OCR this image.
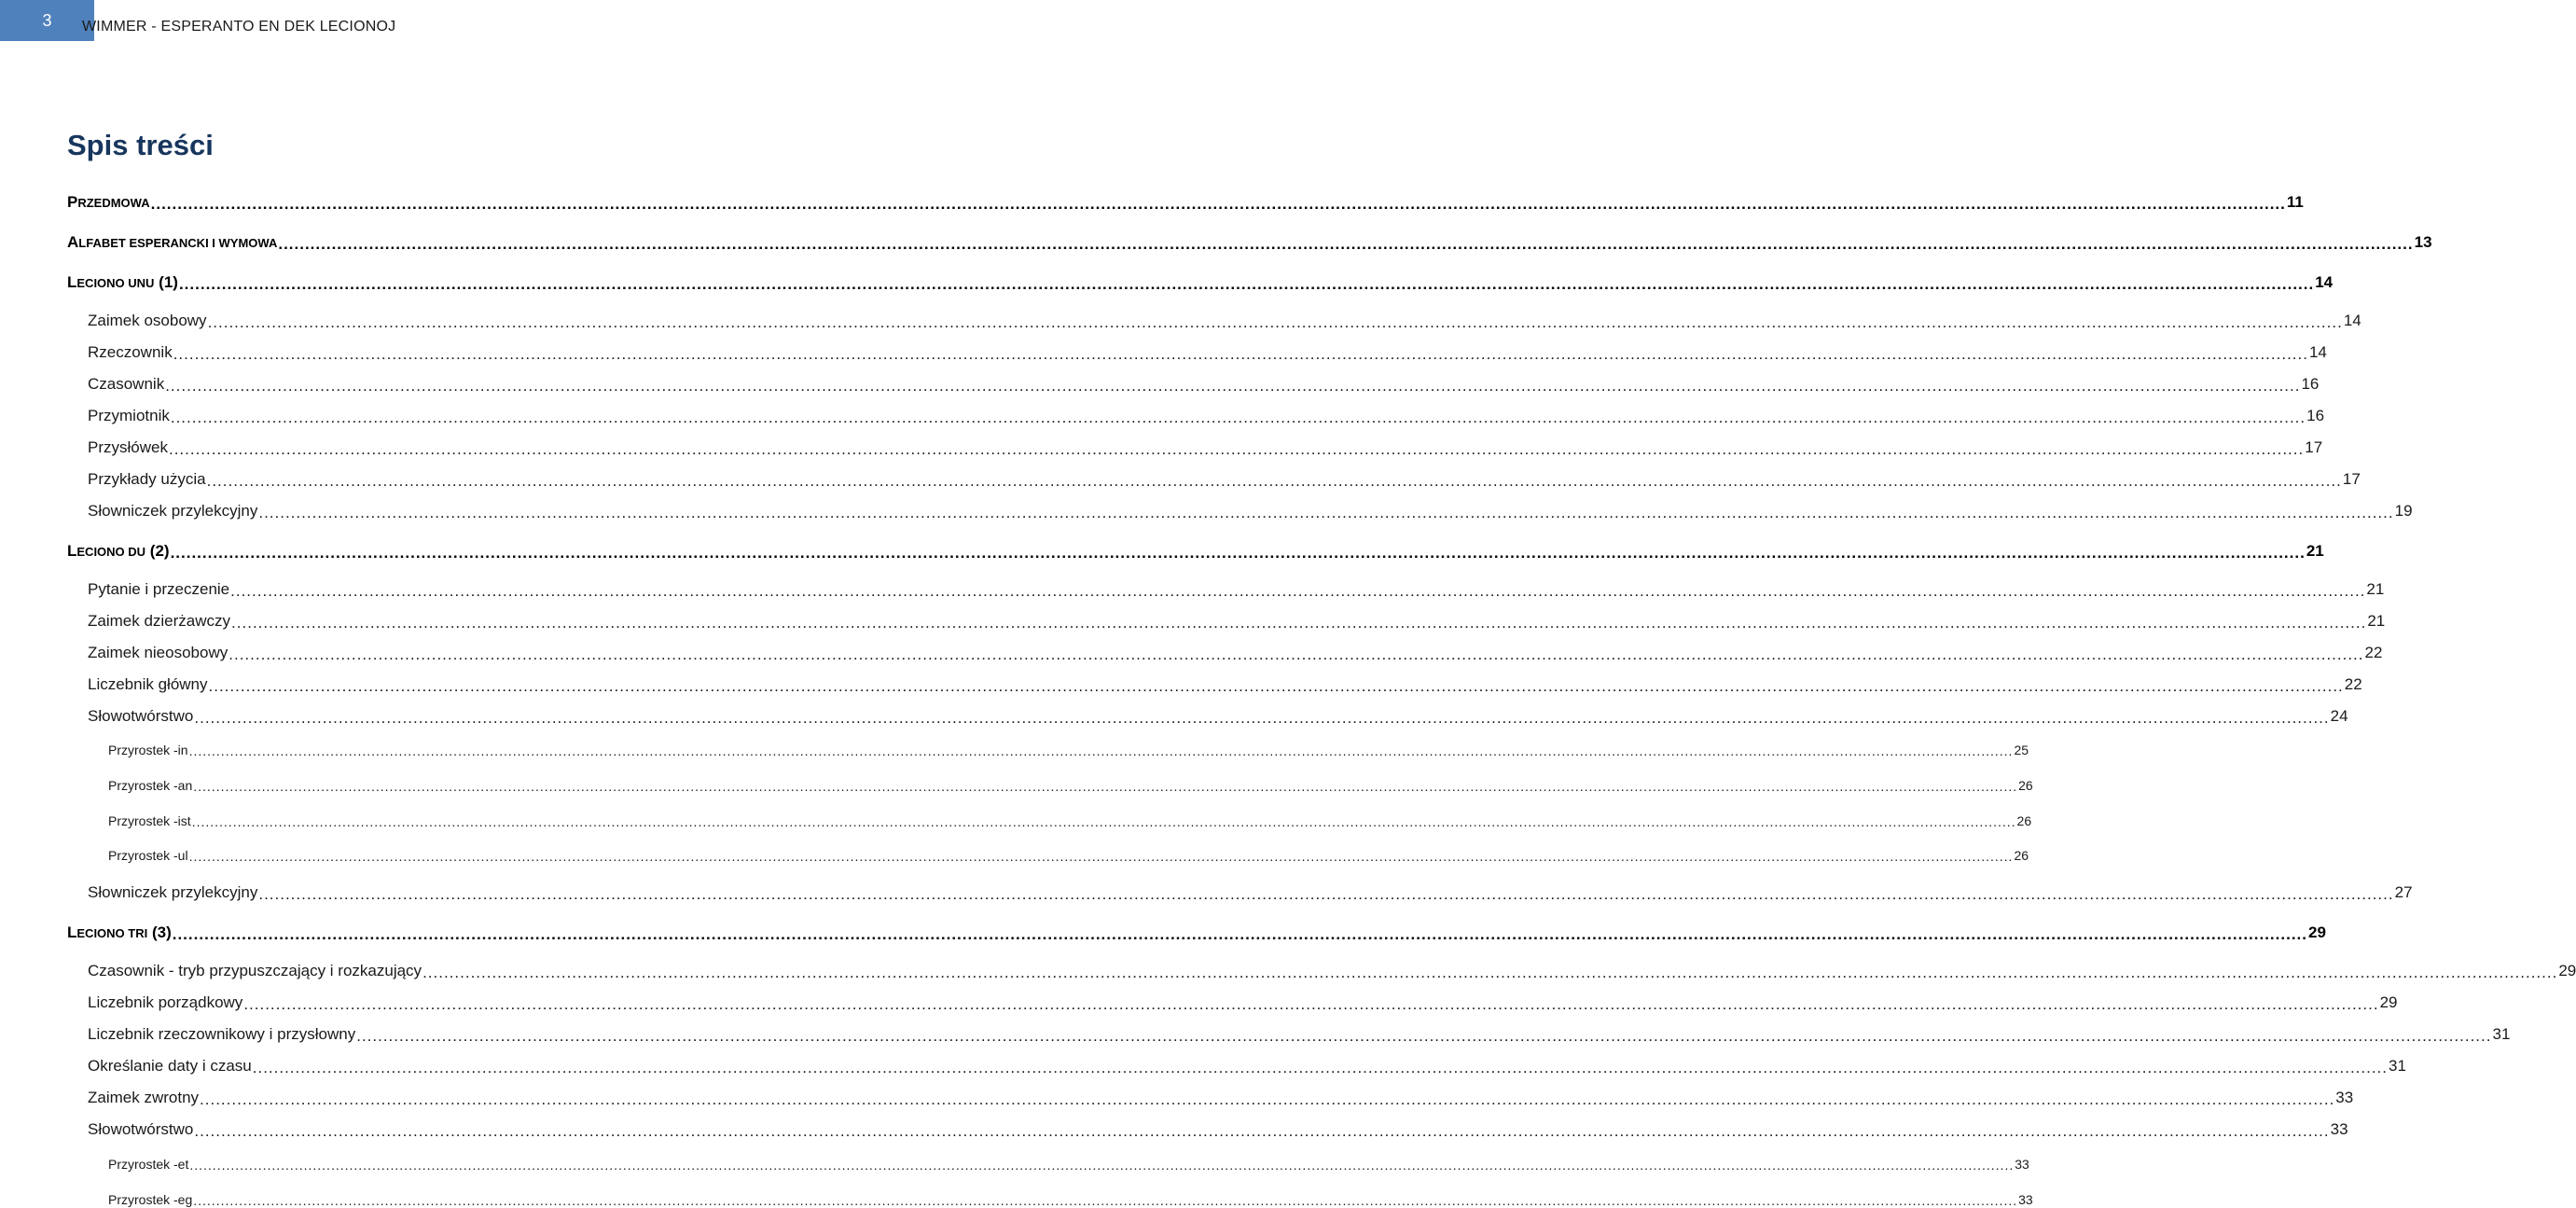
3 WIMMER - ESPERANTO EN DEK LECIONOJ
Spis treści
PRZEDMOWA ................................................................................................................................................................................................................................................................................................................................................................................................................ 11
ALFABET ESPERANCKI I WYMOWA ................................................................................................................................................................................................................................................................................................................................................................................................................ 13
LECIONO UNU (1) ................................................................................................................................................................................................................................................................................................................................................................................................................ 14
Zaimek osobowy ................................................................................................................................................................................................................................................................................................................................................................................................................ 14
Rzeczownik ................................................................................................................................................................................................................................................................................................................................................................................................................ 14
Czasownik ................................................................................................................................................................................................................................................................................................................................................................................................................ 16
Przymiotnik ................................................................................................................................................................................................................................................................................................................................................................................................................ 16
Przysłówek ................................................................................................................................................................................................................................................................................................................................................................................................................ 17
Przykłady użycia ................................................................................................................................................................................................................................................................................................................................................................................................................ 17
Słowniczek przylekcyjny ................................................................................................................................................................................................................................................................................................................................................................................................................ 19
LECIONO DU (2) ................................................................................................................................................................................................................................................................................................................................................................................................................ 21
Pytanie i przeczenie ................................................................................................................................................................................................................................................................................................................................................................................................................ 21
Zaimek dzierżawczy ................................................................................................................................................................................................................................................................................................................................................................................................................ 21
Zaimek nieosobowy ................................................................................................................................................................................................................................................................................................................................................................................................................ 22
Liczebnik główny ................................................................................................................................................................................................................................................................................................................................................................................................................ 22
Słowotwórstwo ................................................................................................................................................................................................................................................................................................................................................................................................................ 24
Przyrostek -in ................................................................................................................................................................................................................................................................................................................................................................................................................ 25
Przyrostek -an ................................................................................................................................................................................................................................................................................................................................................................................................................ 26
Przyrostek -ist ................................................................................................................................................................................................................................................................................................................................................................................................................ 26
Przyrostek -ul ................................................................................................................................................................................................................................................................................................................................................................................................................ 26
Słowniczek przylekcyjny ................................................................................................................................................................................................................................................................................................................................................................................................................ 27
LECIONO TRI (3) ................................................................................................................................................................................................................................................................................................................................................................................................................ 29
Czasownik - tryb przypuszczający i rozkazujący ................................................................................................................................................................................................................................................................................................................................................................................................................ 29
Liczebnik porządkowy ................................................................................................................................................................................................................................................................................................................................................................................................................ 29
Liczebnik rzeczownikowy i przysłowny ................................................................................................................................................................................................................................................................................................................................................................................................................ 31
Określanie daty i czasu ................................................................................................................................................................................................................................................................................................................................................................................................................ 31
Zaimek zwrotny ................................................................................................................................................................................................................................................................................................................................................................................................................ 33
Słowotwórstwo ................................................................................................................................................................................................................................................................................................................................................................................................................ 33
Przyrostek -et ................................................................................................................................................................................................................................................................................................................................................................................................................ 33
Przyrostek -eg ................................................................................................................................................................................................................................................................................................................................................................................................................ 33
